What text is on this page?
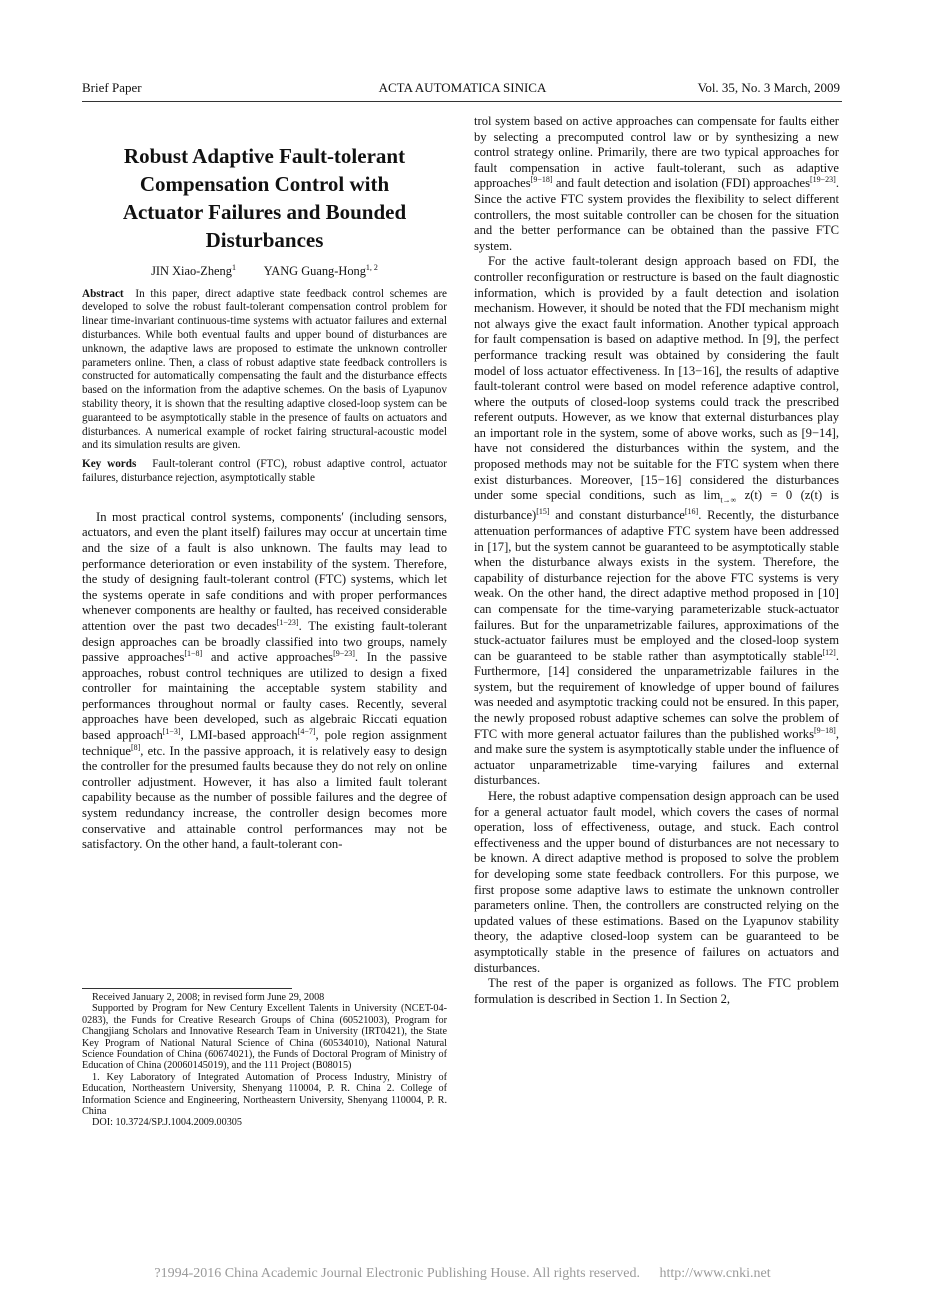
Brief Paper	ACTA AUTOMATICA SINICA	Vol. 35, No. 3 March, 2009
Robust Adaptive Fault-tolerant
Compensation Control with
Actuator Failures and Bounded
Disturbances
JIN Xiao-Zheng$^1$ YANG Guang-Hong$^{1, 2}$
Abstract In this paper, direct adaptive state feedback control schemes are developed to solve the robust fault-tolerant compensation control problem for linear time-invariant continuous-time systems with actuator failures and external disturbances. While both eventual faults and upper bound of disturbances are unknown, the adaptive laws are proposed to estimate the unknown controller parameters online. Then, a class of robust adaptive state feedback controllers is constructed for automatically compensating the fault and the disturbance effects based on the information from the adaptive schemes. On the basis of Lyapunov stability theory, it is shown that the resulting adaptive closed-loop system can be guaranteed to be asymptotically stable in the presence of faults on actuators and disturbances. A numerical example of rocket fairing structural-acoustic model and its simulation results are given.
Key words Fault-tolerant control (FTC), robust adaptive control, actuator failures, disturbance rejection, asymptotically stable

In most practical control systems, components′ (including sensors, actuators, and even the plant itself) failures may occur at uncertain time and the size of a fault is also unknown. The faults may lead to performance deterioration or even instability of the system. Therefore, the study of designing fault-tolerant control (FTC) systems, which let the systems operate in safe conditions and with proper performances whenever components are healthy or faulted, has received considerable attention over the past two decades[1−23]. The existing fault-tolerant design approaches can be broadly classified into two groups, namely passive approaches[1−8] and active approaches[9−23]. In the passive approaches, robust control techniques are utilized to design a fixed controller for maintaining the acceptable system stability and performances throughout normal or faulty cases. Recently, several approaches have been developed, such as algebraic Riccati equation based approach[1−3], LMI-based approach[4−7], pole region assignment technique[8], etc. In the passive approach, it is relatively easy to design the controller for the presumed faults because they do not rely on online controller adjustment. However, it has also a limited fault tolerant capability because as the number of possible failures and the degree of system redundancy increase, the controller design becomes more conservative and attainable control performances may not be satisfactory. On the other hand, a fault-tolerant con-

Received January 2, 2008; in revised form June 29, 2008

Supported by Program for New Century Excellent Talents in University (NCET-04-0283), the Funds for Creative Research Groups of China (60521003), Program for Changjiang Scholars and Innovative Research Team in University (IRT0421), the State Key Program of National Natural Science of China (60534010), National Natural Science Foundation of China (60674021), the Funds of Doctoral Program of Ministry of Education of China (20060145019), and the 111 Project (B08015)

1. Key Laboratory of Integrated Automation of Process Industry, Ministry of Education, Northeastern University, Shenyang 110004, P. R. China 2. College of Information Science and Engineering, Northeastern University, Shenyang 110004, P. R. China

DOI: 10.3724/SP.J.1004.2009.00305

trol system based on active approaches can compensate for faults either by selecting a precomputed control law or by synthesizing a new control strategy online. Primarily, there are two typical approaches for fault compensation in active fault-tolerant, such as adaptive approaches[9−18] and fault detection and isolation (FDI) approaches[19−23]. Since the active FTC system provides the flexibility to select different controllers, the most suitable controller can be chosen for the situation and the better performance can be obtained than the passive FTC system.

For the active fault-tolerant design approach based on FDI, the controller reconfiguration or restructure is based on the fault diagnostic information, which is provided by a fault detection and isolation mechanism. However, it should be noted that the FDI mechanism might not always give the exact fault information. Another typical approach for fault compensation is based on adaptive method. In [9], the perfect performance tracking result was obtained by considering the fault model of loss actuator effectiveness. In [13−16], the results of adaptive fault-tolerant control were based on model reference adaptive control, where the outputs of closed-loop systems could track the prescribed referent outputs. However, as we know that external disturbances play an important role in the system, some of above works, such as [9−14], have not considered the disturbances within the system, and the proposed methods may not be suitable for the FTC system when there exist disturbances. Moreover, [15−16] considered the disturbances under some special conditions, such as $\lim_{t\to\infty} z(t) = 0$ (z(t) is disturbance)[15] and constant disturbance[16]. Recently, the disturbance attenuation performances of adaptive FTC system have been addressed in [17], but the system cannot be guaranteed to be asymptotically stable when the disturbance always exists in the system. Therefore, the capability of disturbance rejection for the above FTC systems is very weak. On the other hand, the direct adaptive method proposed in [10] can compensate for the time-varying parameterizable stuck-actuator failures. But for the unparametrizable failures, approximations of the stuck-actuator failures must be employed and the closed-loop system can be guaranteed to be stable rather than asymptotically stable[12]. Furthermore, [14] considered the unparametrizable failures in the system, but the requirement of knowledge of upper bound of failures was needed and asymptotic tracking could not be ensured. In this paper, the newly proposed robust adaptive schemes can solve the problem of FTC with more general actuator failures than the published works[9−18], and make sure the system is asymptotically stable under the influence of actuator unparametrizable time-varying failures and external disturbances.

Here, the robust adaptive compensation design approach can be used for a general actuator fault model, which covers the cases of normal operation, loss of effectiveness, outage, and stuck. Each control effectiveness and the upper bound of disturbances are not necessary to be known. A direct adaptive method is proposed to solve the problem for developing some state feedback controllers. For this purpose, we first propose some adaptive laws to estimate the unknown controller parameters online. Then, the controllers are constructed relying on the updated values of these estimations. Based on the Lyapunov stability theory, the adaptive closed-loop system can be guaranteed to be asymptotically stable in the presence of failures on actuators and disturbances.

The rest of the paper is organized as follows. The FTC problem formulation is described in Section 1. In Section 2,

?1994-2016 China Academic Journal Electronic Publishing House. All rights reserved. http://www.cnki.net
